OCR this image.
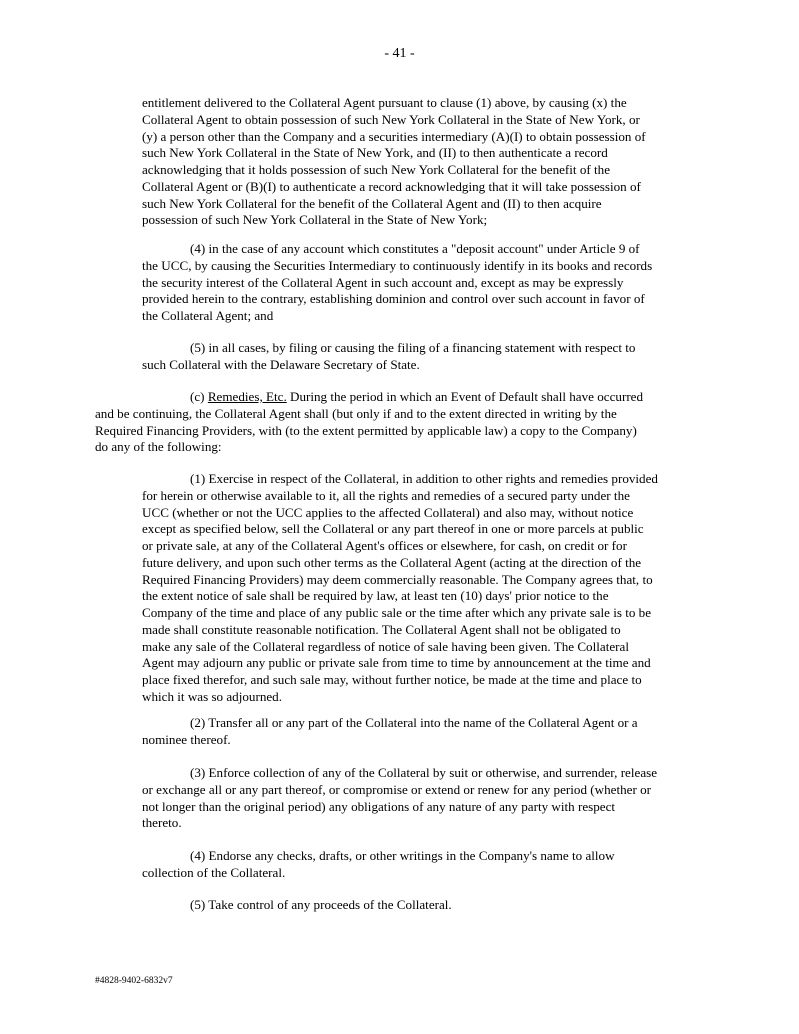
- 41 -
entitlement delivered to the Collateral Agent pursuant to clause (1) above, by causing (x) the
Collateral Agent to obtain possession of such New York Collateral in the State of New York, or
(y) a person other than the Company and a securities intermediary (A)(I) to obtain possession of
such New York Collateral in the State of New York, and (II) to then authenticate a record
acknowledging that it holds possession of such New York Collateral for the benefit of the
Collateral Agent or (B)(I) to authenticate a record acknowledging that it will take possession of
such New York Collateral for the benefit of the Collateral Agent and (II) to then acquire
possession of such New York Collateral in the State of New York;
(4) in the case of any account which constitutes a "deposit account" under Article 9 of
the UCC, by causing the Securities Intermediary to continuously identify in its books and records
the security interest of the Collateral Agent in such account and, except as may be expressly
provided herein to the contrary, establishing dominion and control over such account in favor of
the Collateral Agent; and
(5) in all cases, by filing or causing the filing of a financing statement with respect to
such Collateral with the Delaware Secretary of State.
(c) Remedies, Etc. During the period in which an Event of Default shall have occurred
and be continuing, the Collateral Agent shall (but only if and to the extent directed in writing by the
Required Financing Providers, with (to the extent permitted by applicable law) a copy to the Company)
do any of the following:
(1) Exercise in respect of the Collateral, in addition to other rights and remedies provided
for herein or otherwise available to it, all the rights and remedies of a secured party under the
UCC (whether or not the UCC applies to the affected Collateral) and also may, without notice
except as specified below, sell the Collateral or any part thereof in one or more parcels at public
or private sale, at any of the Collateral Agent's offices or elsewhere, for cash, on credit or for
future delivery, and upon such other terms as the Collateral Agent (acting at the direction of the
Required Financing Providers) may deem commercially reasonable. The Company agrees that, to
the extent notice of sale shall be required by law, at least ten (10) days' prior notice to the
Company of the time and place of any public sale or the time after which any private sale is to be
made shall constitute reasonable notification. The Collateral Agent shall not be obligated to
make any sale of the Collateral regardless of notice of sale having been given. The Collateral
Agent may adjourn any public or private sale from time to time by announcement at the time and
place fixed therefor, and such sale may, without further notice, be made at the time and place to
which it was so adjourned.
(2) Transfer all or any part of the Collateral into the name of the Collateral Agent or a
nominee thereof.
(3) Enforce collection of any of the Collateral by suit or otherwise, and surrender, release
or exchange all or any part thereof, or compromise or extend or renew for any period (whether or
not longer than the original period) any obligations of any nature of any party with respect
thereto.
(4) Endorse any checks, drafts, or other writings in the Company's name to allow
collection of the Collateral.
(5) Take control of any proceeds of the Collateral.
#4828-9402-6832v7
